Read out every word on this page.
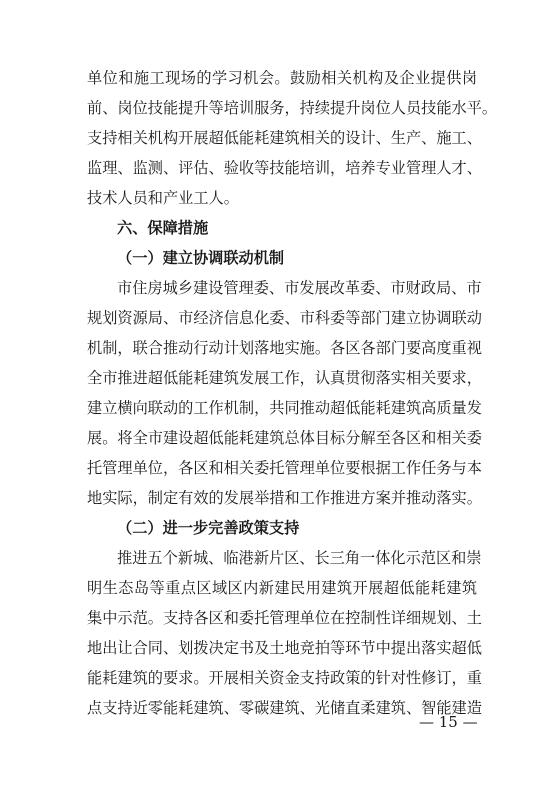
单位和施工现场的学习机会。鼓励相关机构及企业提供岗
前、岗位技能提升等培训服务，持续提升岗位人员技能水平。
支持相关机构开展超低能耗建筑相关的设计、生产、施工、
监理、监测、评估、验收等技能培训，培养专业管理人才、
技术人员和产业工人。
六、保障措施
（一）建立协调联动机制
市住房城乡建设管理委、市发展改革委、市财政局、市
规划资源局、市经济信息化委、市科委等部门建立协调联动
机制，联合推动行动计划落地实施。各区各部门要高度重视
全市推进超低能耗建筑发展工作，认真贯彻落实相关要求，
建立横向联动的工作机制，共同推动超低能耗建筑高质量发
展。将全市建设超低能耗建筑总体目标分解至各区和相关委
托管理单位，各区和相关委托管理单位要根据工作任务与本
地实际，制定有效的发展举措和工作推进方案并推动落实。
（二）进一步完善政策支持
推进五个新城、临港新片区、长三角一体化示范区和崇
明生态岛等重点区域区内新建民用建筑开展超低能耗建筑
集中示范。支持各区和委托管理单位在控制性详细规划、土
地出让合同、划拨决定书及土地竞拍等环节中提出落实超低
能耗建筑的要求。开展相关资金支持政策的针对性修订，重
点支持近零能耗建筑、零碳建筑、光储直柔建筑、智能建造
— 15 —
